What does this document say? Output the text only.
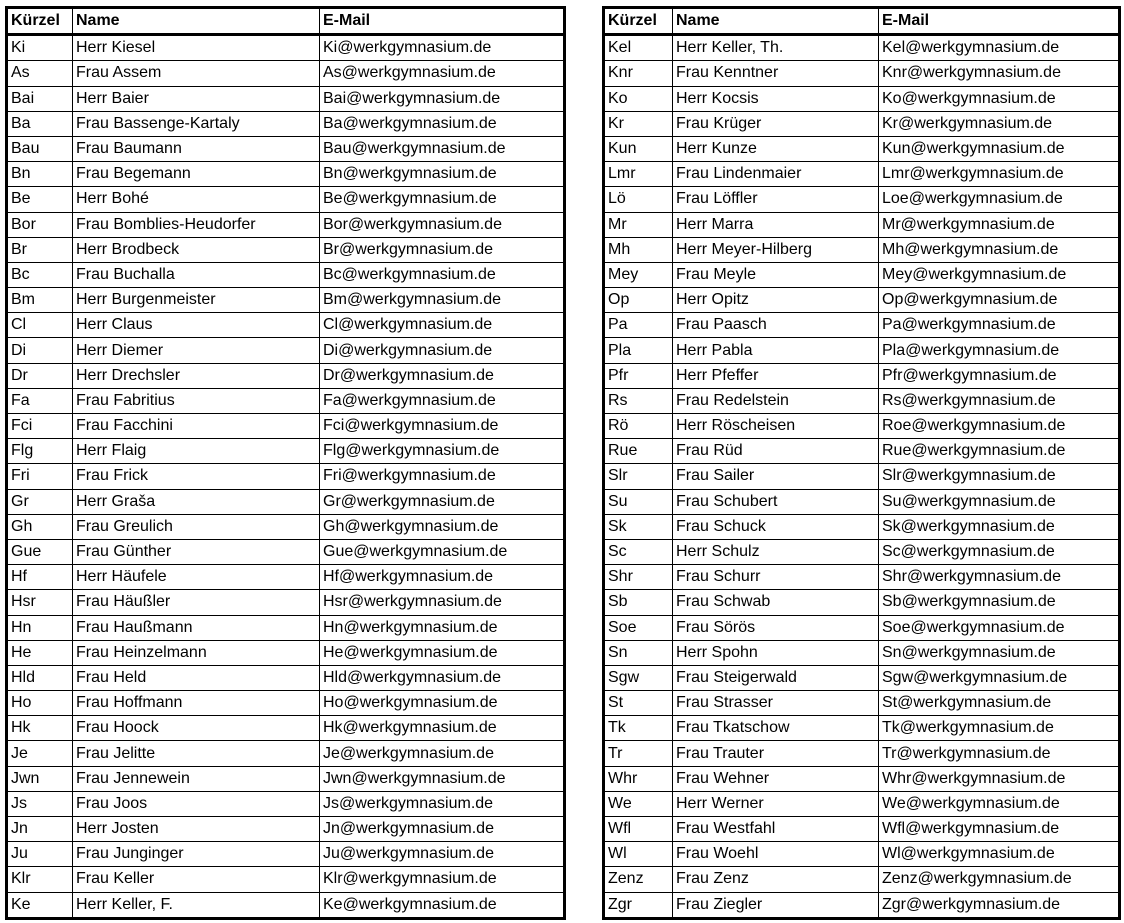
Kürzel	Name	E-Mail
Ki	Herr Kiesel	Ki@werkgymnasium.de
As	Frau Assem	As@werkgymnasium.de
Bai	Herr Baier	Bai@werkgymnasium.de
Ba	Frau Bassenge-Kartaly	Ba@werkgymnasium.de
Bau	Frau Baumann	Bau@werkgymnasium.de
Bn	Frau Begemann	Bn@werkgymnasium.de
Be	Herr Bohé	Be@werkgymnasium.de
Bor	Frau Bomblies-Heudorfer	Bor@werkgymnasium.de
Br	Herr Brodbeck	Br@werkgymnasium.de
Bc	Frau Buchalla	Bc@werkgymnasium.de
Bm	Herr Burgenmeister	Bm@werkgymnasium.de
Cl	Herr Claus	Cl@werkgymnasium.de
Di	Herr Diemer	Di@werkgymnasium.de
Dr	Herr Drechsler	Dr@werkgymnasium.de
Fa	Frau Fabritius	Fa@werkgymnasium.de
Fci	Frau Facchini	Fci@werkgymnasium.de
Flg	Herr Flaig	Flg@werkgymnasium.de
Fri	Frau Frick	Fri@werkgymnasium.de
Gr	Herr Graša	Gr@werkgymnasium.de
Gh	Frau Greulich	Gh@werkgymnasium.de
Gue	Frau Günther	Gue@werkgymnasium.de
Hf	Herr Häufele	Hf@werkgymnasium.de
Hsr	Frau Häußler	Hsr@werkgymnasium.de
Hn	Frau Haußmann	Hn@werkgymnasium.de
He	Frau Heinzelmann	He@werkgymnasium.de
Hld	Frau Held	Hld@werkgymnasium.de
Ho	Frau Hoffmann	Ho@werkgymnasium.de
Hk	Frau Hoock	Hk@werkgymnasium.de
Je	Frau Jelitte	Je@werkgymnasium.de
Jwn	Frau Jennewein	Jwn@werkgymnasium.de
Js	Frau Joos	Js@werkgymnasium.de
Jn	Herr Josten	Jn@werkgymnasium.de
Ju	Frau Junginger	Ju@werkgymnasium.de
Klr	Frau Keller	Klr@werkgymnasium.de
Ke	Herr Keller, F.	Ke@werkgymnasium.de
Kürzel	Name	E-Mail
Kel	Herr Keller, Th.	Kel@werkgymnasium.de
Knr	Frau Kenntner	Knr@werkgymnasium.de
Ko	Herr Kocsis	Ko@werkgymnasium.de
Kr	Frau Krüger	Kr@werkgymnasium.de
Kun	Herr Kunze	Kun@werkgymnasium.de
Lmr	Frau Lindenmaier	Lmr@werkgymnasium.de
Lö	Frau Löffler	Loe@werkgymnasium.de
Mr	Herr Marra	Mr@werkgymnasium.de
Mh	Herr Meyer-Hilberg	Mh@werkgymnasium.de
Mey	Frau Meyle	Mey@werkgymnasium.de
Op	Herr Opitz	Op@werkgymnasium.de
Pa	Frau Paasch	Pa@werkgymnasium.de
Pla	Herr Pabla	Pla@werkgymnasium.de
Pfr	Herr Pfeffer	Pfr@werkgymnasium.de
Rs	Frau Redelstein	Rs@werkgymnasium.de
Rö	Herr Röscheisen	Roe@werkgymnasium.de
Rue	Frau Rüd	Rue@werkgymnasium.de
Slr	Frau Sailer	Slr@werkgymnasium.de
Su	Frau Schubert	Su@werkgymnasium.de
Sk	Frau Schuck	Sk@werkgymnasium.de
Sc	Herr Schulz	Sc@werkgymnasium.de
Shr	Frau Schurr	Shr@werkgymnasium.de
Sb	Frau Schwab	Sb@werkgymnasium.de
Soe	Frau Sörös	Soe@werkgymnasium.de
Sn	Herr Spohn	Sn@werkgymnasium.de
Sgw	Frau Steigerwald	Sgw@werkgymnasium.de
St	Frau Strasser	St@werkgymnasium.de
Tk	Frau Tkatschow	Tk@werkgymnasium.de
Tr	Frau Trauter	Tr@werkgymnasium.de
Whr	Frau Wehner	Whr@werkgymnasium.de
We	Herr Werner	We@werkgymnasium.de
Wfl	Frau Westfahl	Wfl@werkgymnasium.de
Wl	Frau Woehl	Wl@werkgymnasium.de
Zenz	Frau Zenz	Zenz@werkgymnasium.de
Zgr	Frau Ziegler	Zgr@werkgymnasium.de
